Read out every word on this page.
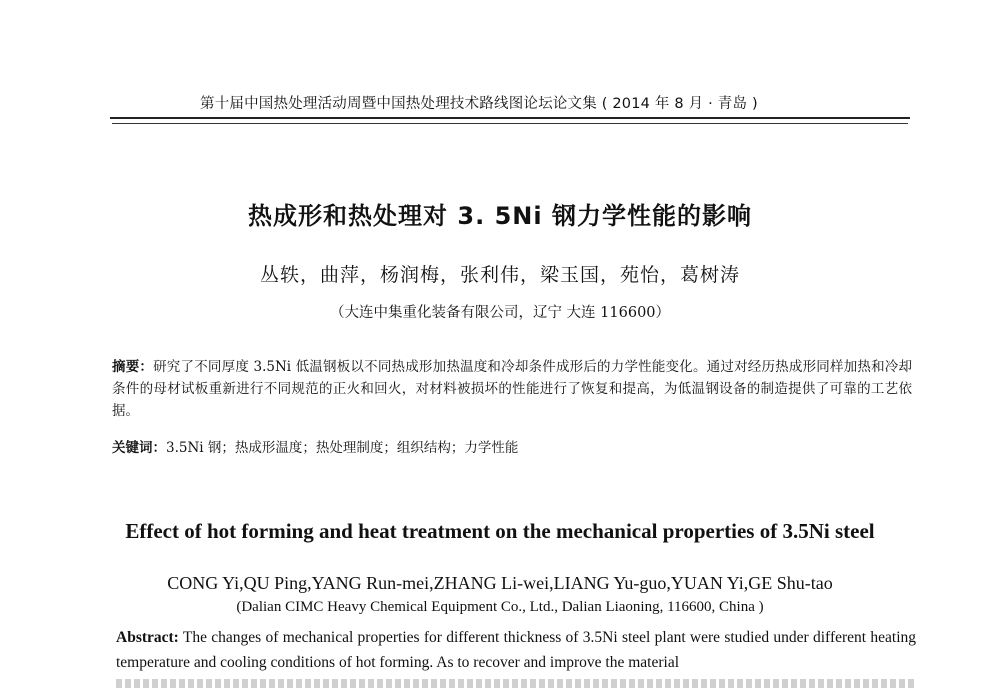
第十届中国热处理活动周暨中国热处理技术路线图论坛论文集 ( 2014 年 8 月 · 青岛 )
热成形和热处理对 3. 5Ni 钢力学性能的影响
丛轶，曲萍，杨润梅，张利伟，梁玉国，苑怡，葛树涛
（大连中集重化装备有限公司，辽宁 大连 116600）
摘要：研究了不同厚度 3.5Ni 低温钢板以不同热成形加热温度和冷却条件成形后的力学性能变化。通过对经历热成形同样加热和冷却条件的母材试板重新进行不同规范的正火和回火，对材料被损坏的性能进行了恢复和提高，为低温钢设备的制造提供了可靠的工艺依据。
关键词：3.5Ni 钢；热成形温度；热处理制度；组织结构；力学性能
Effect of hot forming and heat treatment on the mechanical properties of 3.5Ni steel
CONG Yi,QU Ping,YANG Run-mei,ZHANG Li-wei,LIANG Yu-guo,YUAN Yi,GE Shu-tao
(Dalian CIMC Heavy Chemical Equipment Co., Ltd., Dalian Liaoning, 116600, China )
Abstract: The changes of mechanical properties for different thickness of 3.5Ni steel plant were studied under different heating temperature and cooling conditions of hot forming. As to recover and improve the material
